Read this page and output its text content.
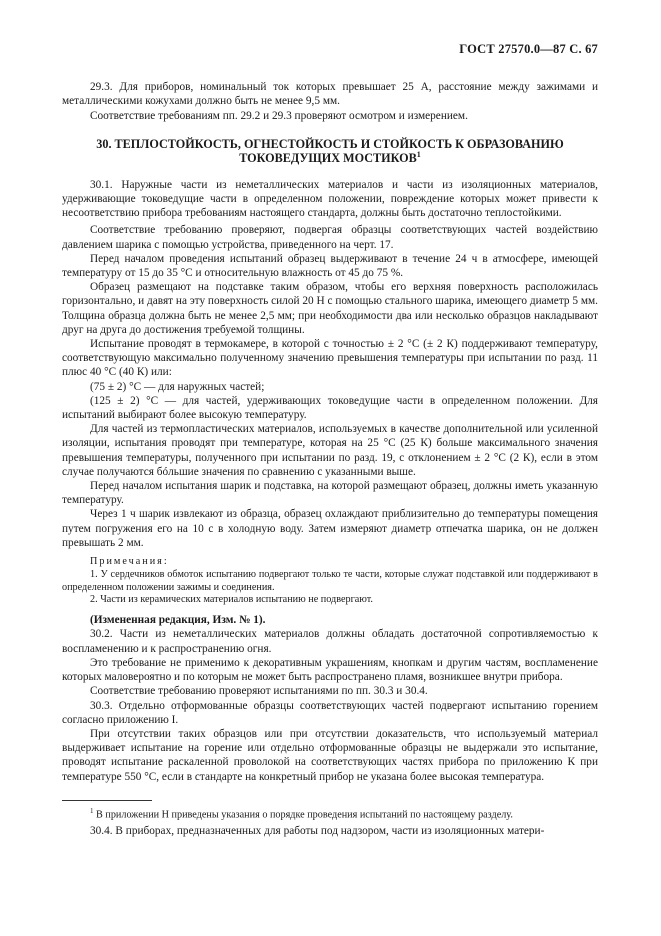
ГОСТ 27570.0—87 С. 67

29.3. Для приборов, номинальный ток которых превышает 25 А, расстояние между зажимами и металлическими кожухами должно быть не менее 9,5 мм.

Соответствие требованиям пп. 29.2 и 29.3 проверяют осмотром и измерением.

30. ТЕПЛОСТОЙКОСТЬ, ОГНЕСТОЙКОСТЬ И СТОЙКОСТЬ К ОБРАЗОВАНИЮ ТОКОВЕДУЩИХ МОСТИКОВ$^1$

30.1. Наружные части из неметаллических материалов и части из изоляционных материалов, удерживающие токоведущие части в определенном положении, повреждение которых может привести к несоответствию прибора требованиям настоящего стандарта, должны быть достаточно теплостойкими.

Соответствие требованию проверяют, подвергая образцы соответствующих частей воздействию давлением шарика с помощью устройства, приведенного на черт. 17.

Перед началом проведения испытаний образец выдерживают в течение 24 ч в атмосфере, имеющей температуру от 15 до 35 °С и относительную влажность от 45 до 75 %.

Образец размещают на подставке таким образом, чтобы его верхняя поверхность расположилась горизонтально, и давят на эту поверхность силой 20 Н с помощью стального шарика, имеющего диаметр 5 мм. Толщина образца должна быть не менее 2,5 мм; при необходимости два или несколько образцов накладывают друг на друга до достижения требуемой толщины.

Испытание проводят в термокамере, в которой с точностью ± 2 °С (± 2 К) поддерживают температуру, соответствующую максимально полученному значению превышения температуры при испытании по разд. 11 плюс 40 °С (40 К) или:

(75 ± 2) °С — для наружных частей;

(125 ± 2) °С — для частей, удерживающих токоведущие части в определенном положении. Для испытаний выбирают более высокую температуру.

Для частей из термопластических материалов, используемых в качестве дополнительной или усиленной изоляции, испытания проводят при температуре, которая на 25 °С (25 К) больше максимального значения превышения температуры, полученного при испытании по разд. 19, с отклонением ± 2 °С (2 К), если в этом случае получаются бóльшие значения по сравнению с указанными выше.

Перед началом испытания шарик и подставка, на которой размещают образец, должны иметь указанную температуру.

Через 1 ч шарик извлекают из образца, образец охлаждают приблизительно до температуры помещения путем погружения его на 10 с в холодную воду. Затем измеряют диаметр отпечатка шарика, он не должен превышать 2 мм.

Примечания:

1. У сердечников обмоток испытанию подвергают только те части, которые служат подставкой или поддерживают в определенном положении зажимы и соединения.

2. Части из керамических материалов испытанию не подвергают.

(Измененная редакция, Изм. № 1).

30.2. Части из неметаллических материалов должны обладать достаточной сопротивляемостью к воспламенению и к распространению огня.

Это требование не применимо к декоративным украшениям, кнопкам и другим частям, воспламенение которых маловероятно и по которым не может быть распространено пламя, возникшее внутри прибора.

Соответствие требованию проверяют испытаниями по пп. 30.3 и 30.4.

30.3. Отдельно отформованные образцы соответствующих частей подвергают испытанию горением согласно приложению I.

При отсутствии таких образцов или при отсутствии доказательств, что используемый материал выдерживает испытание на горение или отдельно отформованные образцы не выдержали это испытание, проводят испытание раскаленной проволокой на соответствующих частях прибора по приложению К при температуре 550 °С, если в стандарте на конкретный прибор не указана более высокая температура.

$^1$ В приложении Н приведены указания о порядке проведения испытаний по настоящему разделу.

30.4. В приборах, предназначенных для работы под надзором, части из изоляционных матери-
